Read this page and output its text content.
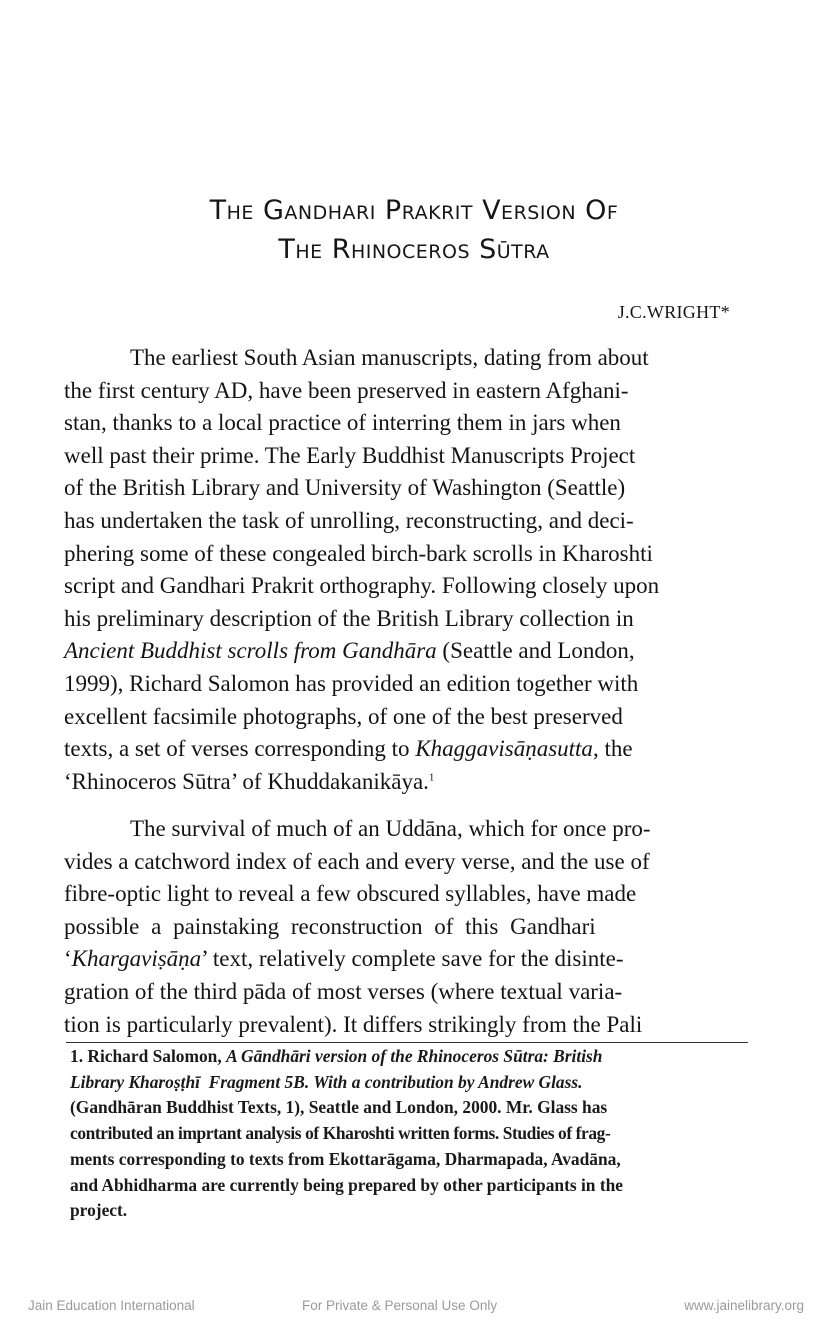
The Gandhari Prakrit Version Of
The Rhinoceros Sūtra
J.C.WRIGHT*
The earliest South Asian manuscripts, dating from about
the first century AD, have been preserved in eastern Afghani-
stan, thanks to a local practice of interring them in jars when
well past their prime. The Early Buddhist Manuscripts Project
of the British Library and University of Washington (Seattle)
has undertaken the task of unrolling, reconstructing, and deci-
phering some of these congealed birch-bark scrolls in Kharoshti
script and Gandhari Prakrit orthography. Following closely upon
his preliminary description of the British Library collection in
Ancient Buddhist scrolls from Gandhāra (Seattle and London,
1999), Richard Salomon has provided an edition together with
excellent facsimile photographs, of one of the best preserved
texts, a set of verses corresponding to Khaggavisāṇasutta, the
‘Rhinoceros Sūtra’ of Khuddakanikāya.$^1$
The survival of much of an Uddāna, which for once pro-
vides a catchword index of each and every verse, and the use of
fibre-optic light to reveal a few obscured syllables, have made
possible a painstaking reconstruction of this Gandhari
‘Khargaviṣāṇa’ text, relatively complete save for the disinte-
gration of the third pāda of most verses (where textual varia-
tion is particularly prevalent). It differs strikingly from the Pali
1. Richard Salomon, A Gāndhāri version of the Rhinoceros Sūtra: British
Library Kharoṣṭhī  Fragment 5B. With a contribution by Andrew Glass.
(Gandhāran Buddhist Texts, 1), Seattle and London, 2000. Mr. Glass has
contributed an imprtant analysis of Kharoshti written forms. Studies of frag-
ments corresponding to texts from Ekottarāgama, Dharmapada, Avadāna,
and Abhidharma are currently being prepared by other participants in the
project.
Jain Education International	For Private & Personal Use Only	www.jainelibrary.org
